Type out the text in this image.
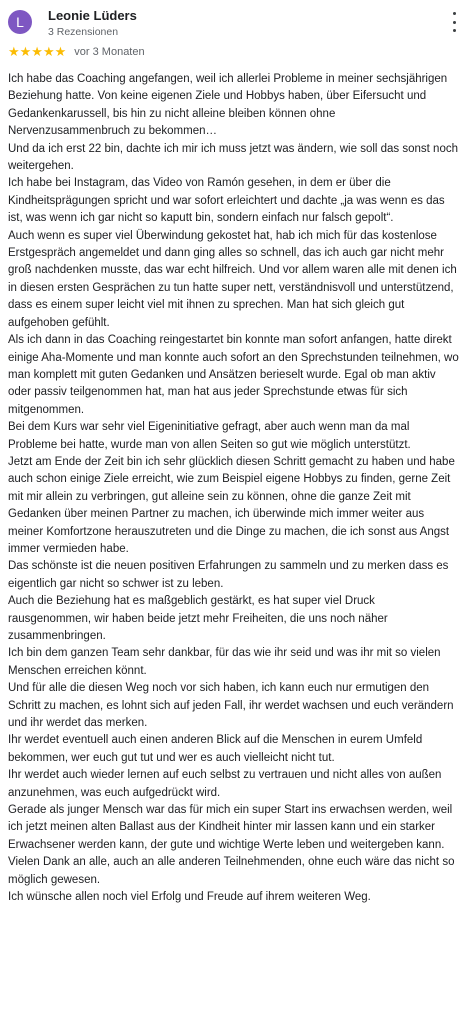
L	Leonie Lüders
3 Rezensionen
★★★★★ vor 3 Monaten

Ich habe das Coaching angefangen, weil ich allerlei Probleme in meiner sechsjährigen Beziehung hatte. Von keine eigenen Ziele und Hobbys haben, über Eifersucht und Gedankenkarussell, bis hin zu nicht alleine bleiben können ohne Nervenzusammenbruch zu bekommen…

Und da ich erst 22 bin, dachte ich mir ich muss jetzt was ändern, wie soll das sonst noch weitergehen.

Ich habe bei Instagram, das Video von Ramón gesehen, in dem er über die Kindheitsprägungen spricht und war sofort erleichtert und dachte „ja was wenn es das ist, was wenn ich gar nicht so kaputt bin, sondern einfach nur falsch gepolt“.

Auch wenn es super viel Überwindung gekostet hat, hab ich mich für das kostenlose Erstgespräch angemeldet und dann ging alles so schnell, das ich auch gar nicht mehr groß nachdenken musste, das war echt hilfreich. Und vor allem waren alle mit denen ich in diesen ersten Gesprächen zu tun hatte super nett, verständnisvoll und unterstützend, dass es einem super leicht viel mit ihnen zu sprechen. Man hat sich gleich gut aufgehoben gefühlt.

Als ich dann in das Coaching reingestartet bin konnte man sofort anfangen, hatte direkt einige Aha-Momente und man konnte auch sofort an den Sprechstunden teilnehmen, wo man komplett mit guten Gedanken und Ansätzen berieselt wurde. Egal ob man aktiv oder passiv teilgenommen hat, man hat aus jeder Sprechstunde etwas für sich mitgenommen.

Bei dem Kurs war sehr viel Eigeninitiative gefragt, aber auch wenn man da mal Probleme bei hatte, wurde man von allen Seiten so gut wie möglich unterstützt.

Jetzt am Ende der Zeit bin ich sehr glücklich diesen Schritt gemacht zu haben und habe auch schon einige Ziele erreicht, wie zum Beispiel eigene Hobbys zu finden, gerne Zeit mit mir allein zu verbringen, gut alleine sein zu können, ohne die ganze Zeit mit Gedanken über meinen Partner zu machen, ich überwinde mich immer weiter aus meiner Komfortzone herauszutreten und die Dinge zu machen, die ich sonst aus Angst immer vermieden habe.

Das schönste ist die neuen positiven Erfahrungen zu sammeln und zu merken dass es eigentlich gar nicht so schwer ist zu leben.

Auch die Beziehung hat es maßgeblich gestärkt, es hat super viel Druck rausgenommen, wir haben beide jetzt mehr Freiheiten, die uns noch näher zusammenbringen.

Ich bin dem ganzen Team sehr dankbar, für das wie ihr seid und was ihr mit so vielen Menschen erreichen könnt.

Und für alle die diesen Weg noch vor sich haben, ich kann euch nur ermutigen den Schritt zu machen, es lohnt sich auf jeden Fall, ihr werdet wachsen und euch verändern und ihr werdet das merken.

Ihr werdet eventuell auch einen anderen Blick auf die Menschen in eurem Umfeld bekommen, wer euch gut tut und wer es auch vielleicht nicht tut.

Ihr werdet auch wieder lernen auf euch selbst zu vertrauen und nicht alles von außen anzunehmen, was euch aufgedrückt wird.

Gerade als junger Mensch war das für mich ein super Start ins erwachsen werden, weil ich jetzt meinen alten Ballast aus der Kindheit hinter mir lassen kann und ein starker Erwachsener werden kann, der gute und wichtige Werte leben und weitergeben kann.

Vielen Dank an alle, auch an alle anderen Teilnehmenden, ohne euch wäre das nicht so möglich gewesen.

Ich wünsche allen noch viel Erfolg und Freude auf ihrem weiteren Weg.
